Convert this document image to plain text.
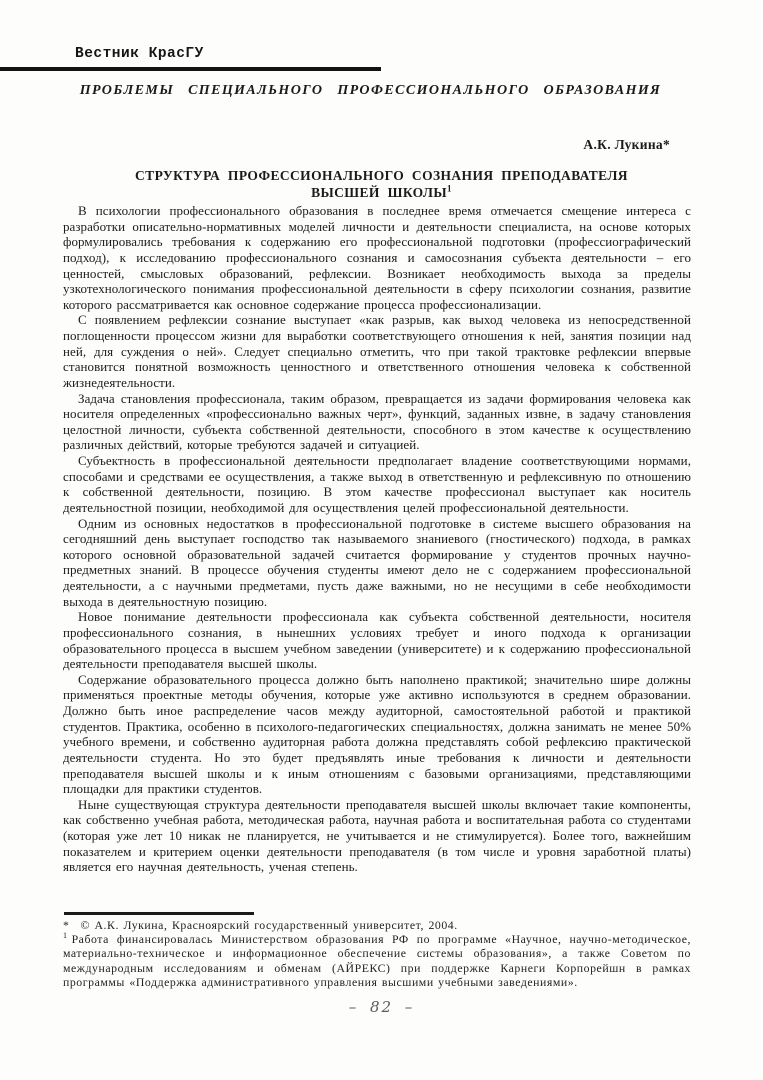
Вестник КрасГУ
ПРОБЛЕМЫ СПЕЦИАЛЬНОГО ПРОФЕССИОНАЛЬНОГО ОБРАЗОВАНИЯ
А.К. Лукина*
СТРУКТУРА ПРОФЕССИОНАЛЬНОГО СОЗНАНИЯ ПРЕПОДАВАТЕЛЯ
ВЫСШЕЙ ШКОЛЫ$^1$

В психологии профессионального образования в последнее время отмечается смещение интереса с разработки описательно-нормативных моделей личности и деятельности специалиста, на основе которых формулировались требования к содержанию его профессиональной подготовки (профессиографический подход), к исследованию профессионального сознания и самосознания субъекта деятельности – его ценностей, смысловых образований, рефлексии. Возникает необходимость выхода за пределы узкотехнологического понимания профессиональной деятельности в сферу психологии сознания, развитие которого рассматривается как основное содержание процесса профессионализации.

С появлением рефлексии сознание выступает «как разрыв, как выход человека из непосредственной поглощенности процессом жизни для выработки соответствующего отношения к ней, занятия позиции над ней, для суждения о ней». Следует специально отметить, что при такой трактовке рефлексии впервые становится понятной возможность ценностного и ответственного отношения человека к собственной жизнедеятельности.

Задача становления профессионала, таким образом, превращается из задачи формирования человека как носителя определенных «профессионально важных черт», функций, заданных извне, в задачу становления целостной личности, субъекта собственной деятельности, способного в этом качестве к осуществлению различных действий, которые требуются задачей и ситуацией.

Субъектность в профессиональной деятельности предполагает владение соответствующими нормами, способами и средствами ее осуществления, а также выход в ответственную и рефлексивную по отношению к собственной деятельности, позицию. В этом качестве профессионал выступает как носитель деятельностной позиции, необходимой для осуществления целей профессиональной деятельности.

Одним из основных недостатков в профессиональной подготовке в системе высшего образования на сегодняшний день выступает господство так называемого знаниевого (гностического) подхода, в рамках которого основной образовательной задачей считается формирование у студентов прочных научно-предметных знаний. В процессе обучения студенты имеют дело не с содержанием профессиональной деятельности, а с научными предметами, пусть даже важными, но не несущими в себе необходимости выхода в деятельностную позицию.

Новое понимание деятельности профессионала как субъекта собственной деятельности, носителя профессионального сознания, в нынешних условиях требует и иного подхода к организации образовательного процесса в высшем учебном заведении (университете) и к содержанию профессиональной деятельности преподавателя высшей школы.

Содержание образовательного процесса должно быть наполнено практикой; значительно шире должны применяться проектные методы обучения, которые уже активно используются в среднем образовании. Должно быть иное распределение часов между аудиторной, самостоятельной работой и практикой студентов. Практика, особенно в психолого-педагогических специальностях, должна занимать не менее 50% учебного времени, и собственно аудиторная работа должна представлять собой рефлексию практической деятельности студента. Но это будет предъявлять иные требования к личности и деятельности преподавателя высшей школы и к иным отношениям с базовыми организациями, представляющими площадки для практики студентов.

Ныне существующая структура деятельности преподавателя высшей школы включает такие компоненты, как собственно учебная работа, методическая работа, научная работа и воспитательная работа со студентами (которая уже лет 10 никак не планируется, не учитывается и не стимулируется). Более того, важнейшим показателем и критерием оценки деятельности преподавателя (в том числе и уровня заработной платы) является его научная деятельность, ученая степень.

* © А.К. Лукина, Красноярский государственный университет, 2004.

$^1$ Работа финансировалась Министерством образования РФ по программе «Научное, научно-методическое, материально-техническое и информационное обеспечение системы образования», а также Советом по международным исследованиям и обменам (АЙРЕКС) при поддержке Карнеги Корпорейшн в рамках программы «Поддержка административного управления высшими учебными заведениями».

– 82 –
